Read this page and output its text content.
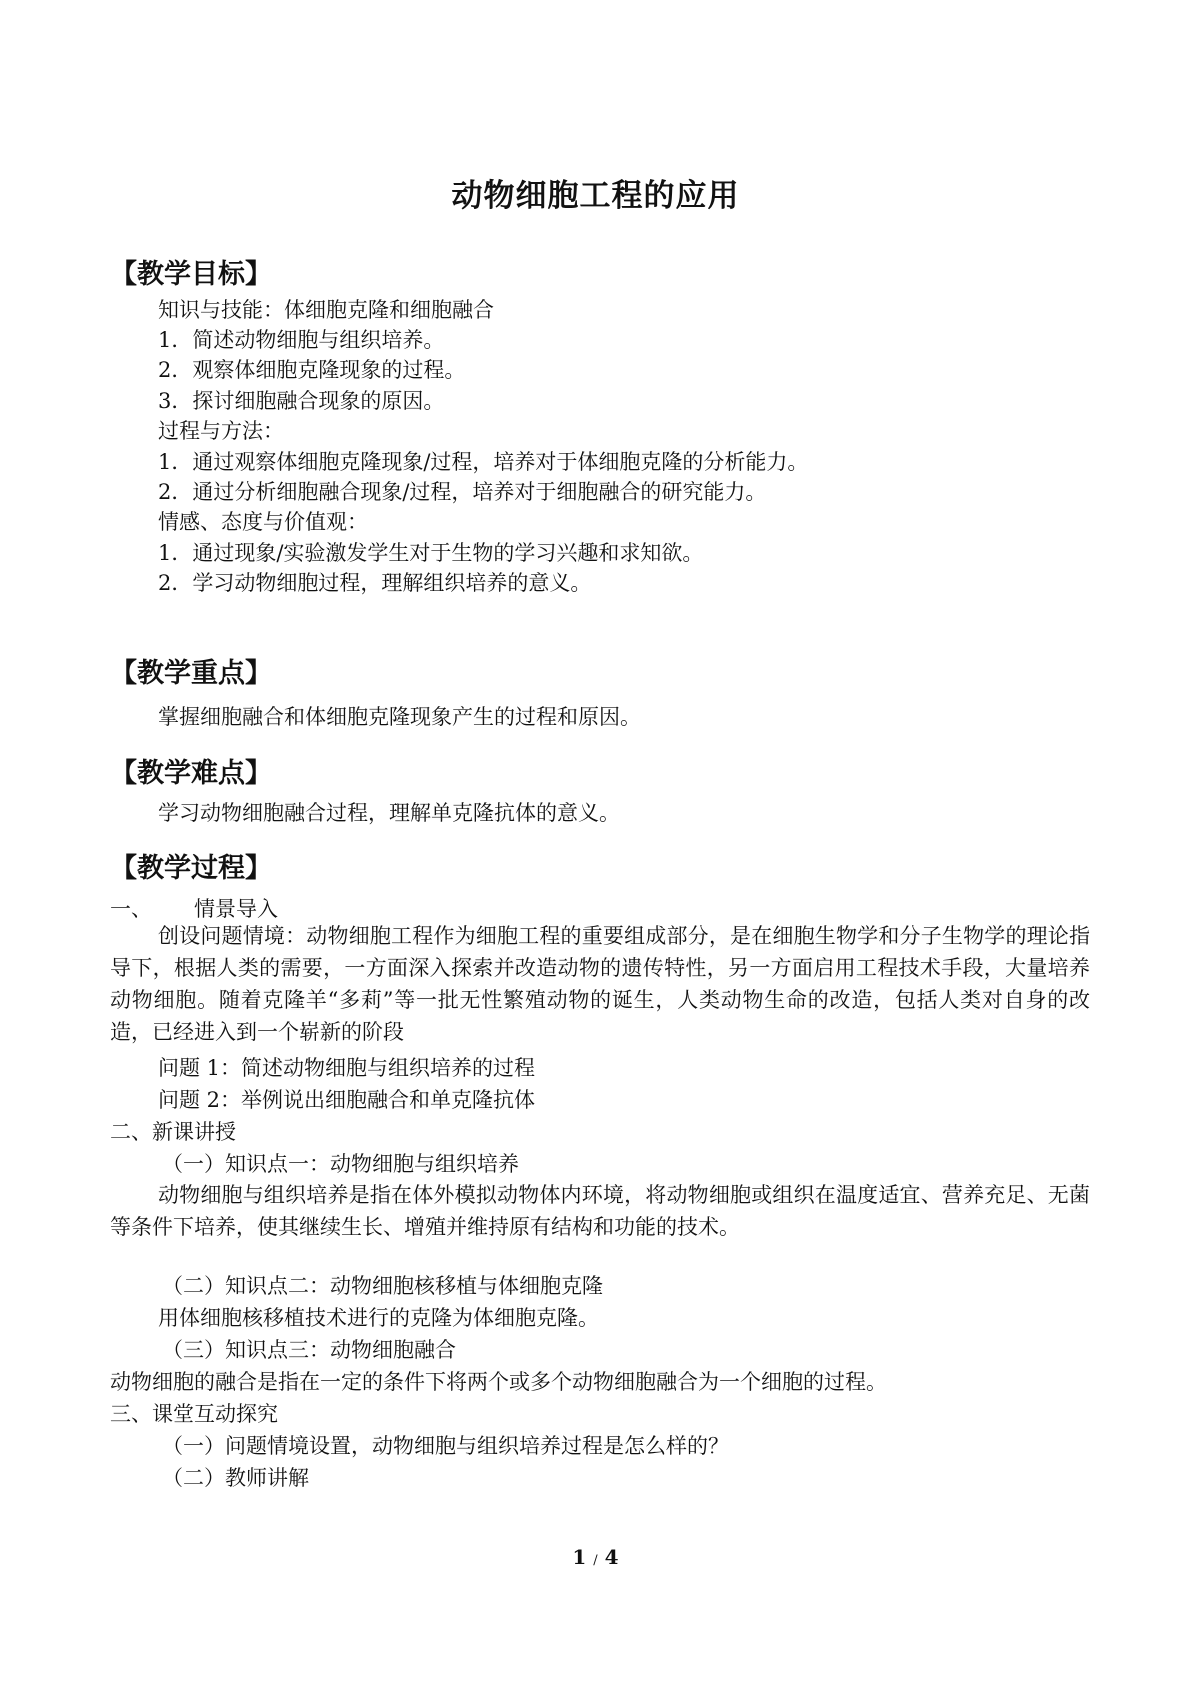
动物细胞工程的应用
【教学目标】
知识与技能：体细胞克隆和细胞融合
1．简述动物细胞与组织培养。
2．观察体细胞克隆现象的过程。
3．探讨细胞融合现象的原因。
过程与方法：
1．通过观察体细胞克隆现象/过程，培养对于体细胞克隆的分析能力。
2．通过分析细胞融合现象/过程，培养对于细胞融合的研究能力。
情感、态度与价值观：
1．通过现象/实验激发学生对于生物的学习兴趣和求知欲。
2．学习动物细胞过程，理解组织培养的意义。
【教学重点】
掌握细胞融合和体细胞克隆现象产生的过程和原因。
【教学难点】
学习动物细胞融合过程，理解单克隆抗体的意义。
【教学过程】
一、 情景导入
创设问题情境：动物细胞工程作为细胞工程的重要组成部分，是在细胞生物学和分子生物学的理论指导下，根据人类的需要，一方面深入探索并改造动物的遗传特性，另一方面启用工程技术手段，大量培养动物细胞。随着克隆羊“多莉”等一批无性繁殖动物的诞生，人类动物生命的改造，包括人类对自身的改造，已经进入到一个崭新的阶段
问题 1：简述动物细胞与组织培养的过程
问题 2：举例说出细胞融合和单克隆抗体
二、新课讲授
（一）知识点一：动物细胞与组织培养
动物细胞与组织培养是指在体外模拟动物体内环境，将动物细胞或组织在温度适宜、营养充足、无菌等条件下培养，使其继续生长、增殖并维持原有结构和功能的技术。
（二）知识点二：动物细胞核移植与体细胞克隆
用体细胞核移植技术进行的克隆为体细胞克隆。
（三）知识点三：动物细胞融合
动物细胞的融合是指在一定的条件下将两个或多个动物细胞融合为一个细胞的过程。
三、课堂互动探究
（一）问题情境设置，动物细胞与组织培养过程是怎么样的？
（二）教师讲解
1 / 4
